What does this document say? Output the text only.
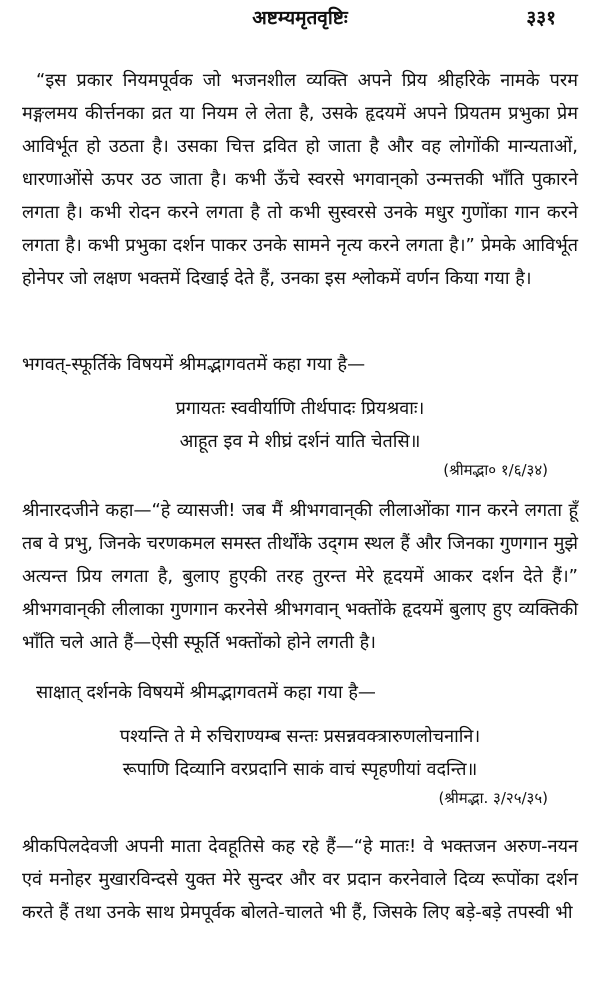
अष्टम्यमृतवृष्टिः	३३१

“इस प्रकार नियमपूर्वक जो भजनशील व्यक्ति अपने प्रिय श्रीहरिके नामके परम मङ्गलमय कीर्त्तनका व्रत या नियम ले लेता है, उसके हृदयमें अपने प्रियतम प्रभुका प्रेम आविर्भूत हो उठता है। उसका चित्त द्रवित हो जाता है और वह लोगोंकी मान्यताओं, धारणाओंसे ऊपर उठ जाता है। कभी ऊँचे स्वरसे भगवान्‌को उन्मत्तकी भाँति पुकारने लगता है। कभी रोदन करने लगता है तो कभी सुस्वरसे उनके मधुर गुणोंका गान करने लगता है। कभी प्रभुका दर्शन पाकर उनके सामने नृत्य करने लगता है।” प्रेमके आविर्भूत होनेपर जो लक्षण भक्तमें दिखाई देते हैं, उनका इस श्लोकमें वर्णन किया गया है।

भगवत्-स्फूर्तिके विषयमें श्रीमद्भागवतमें कहा गया है—

प्रगायतः स्ववीर्याणि तीर्थपादः प्रियश्रवाः।

आहूत इव मे शीघ्रं दर्शनं याति चेतसि॥

(श्रीमद्भा० १/६/३४)

श्रीनारदजीने कहा—“हे व्यासजी! जब मैं श्रीभगवान्‌की लीलाओंका गान करने लगता हूँ तब वे प्रभु, जिनके चरणकमल समस्त तीर्थोंके उद्‌गम स्थल हैं और जिनका गुणगान मुझे अत्यन्त प्रिय लगता है, बुलाए हुएकी तरह तुरन्त मेरे हृदयमें आकर दर्शन देते हैं।” श्रीभगवान्‌की लीलाका गुणगान करनेसे श्रीभगवान् भक्तोंके हृदयमें बुलाए हुए व्यक्तिकी भाँति चले आते हैं—ऐसी स्फूर्ति भक्तोंको होने लगती है।

साक्षात् दर्शनके विषयमें श्रीमद्भागवतमें कहा गया है—

पश्यन्ति ते मे रुचिराण्यम्ब सन्तः प्रसन्नवक्त्रारुणलोचनानि।

रूपाणि दिव्यानि वरप्रदानि साकं वाचं स्पृहणीयां वदन्ति॥

(श्रीमद्भा. ३/२५/३५)

श्रीकपिलदेवजी अपनी माता देवहूतिसे कह रहे हैं—“हे मातः! वे भक्तजन अरुण-नयन एवं मनोहर मुखारविन्दसे युक्त मेरे सुन्दर और वर प्रदान करनेवाले दिव्य रूपोंका दर्शन करते हैं तथा उनके साथ प्रेमपूर्वक बोलते-चालते भी हैं, जिसके लिए बड़े-बड़े तपस्वी भी
